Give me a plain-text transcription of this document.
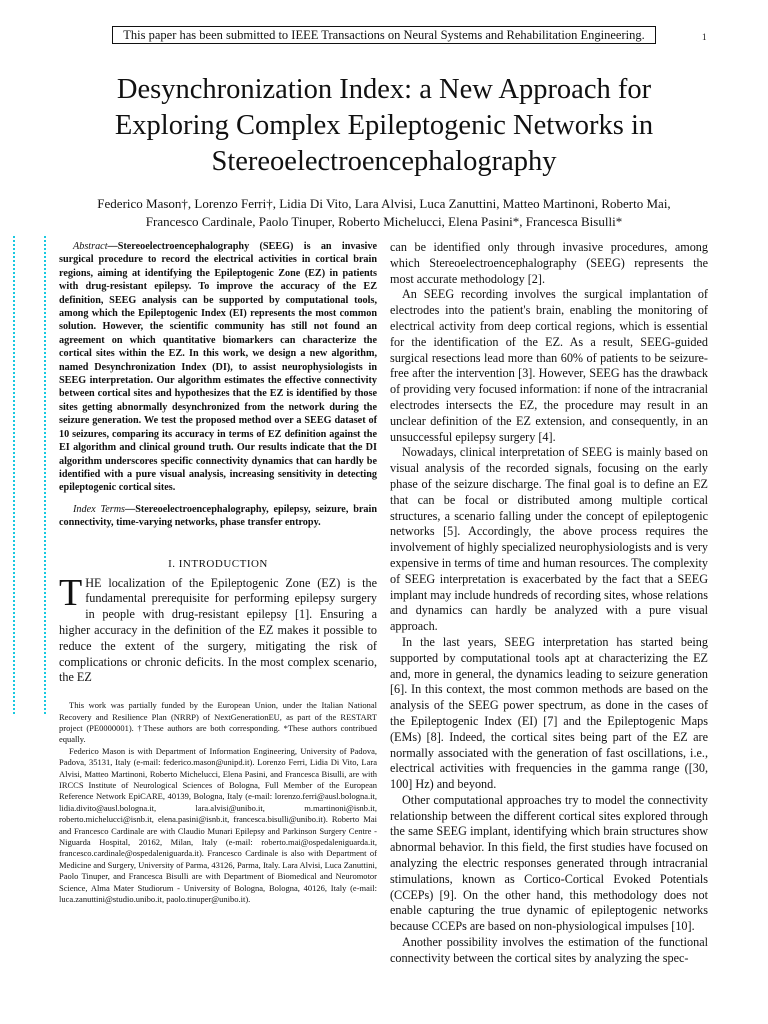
This paper has been submitted to IEEE Transactions on Neural Systems and Rehabilitation Engineering.	1
Desynchronization Index: a New Approach for
Exploring Complex Epileptogenic Networks in
Stereoelectroencephalography
Federico Mason†, Lorenzo Ferri†, Lidia Di Vito, Lara Alvisi, Luca Zanuttini, Matteo Martinoni, Roberto Mai,
Francesco Cardinale, Paolo Tinuper, Roberto Michelucci, Elena Pasini*, Francesca Bisulli*

Abstract—Stereoelectroencephalography (SEEG) is an invasive surgical procedure to record the electrical activities in cortical brain regions, aiming at identifying the Epileptogenic Zone (EZ) in patients with drug-resistant epilepsy. To improve the accuracy of the EZ definition, SEEG analysis can be supported by computational tools, among which the Epileptogenic Index (EI) represents the most common solution. However, the scientific community has still not found an agreement on which quantitative biomarkers can characterize the cortical sites within the EZ. In this work, we design a new algorithm, named Desynchronization Index (DI), to assist neurophysiologists in SEEG interpretation. Our algorithm estimates the effective connectivity between cortical sites and hypothesizes that the EZ is identified by those sites getting abnormally desynchronized from the network during the seizure generation. We test the proposed method over a SEEG dataset of 10 seizures, comparing its accuracy in terms of EZ definition against the EI algorithm and clinical ground truth. Our results indicate that the DI algorithm underscores specific connectivity dynamics that can hardly be identified with a pure visual analysis, increasing sensitivity in detecting epileptogenic cortical sites.

Index Terms—Stereoelectroencephalography, epilepsy, seizure, brain connectivity, time-varying networks, phase transfer entropy.

I. INTRODUCTION

THE localization of the Epileptogenic Zone (EZ) is the fundamental prerequisite for performing epilepsy surgery in people with drug-resistant epilepsy [1]. Ensuring a higher accuracy in the definition of the EZ makes it possible to reduce the extent of the surgery, mitigating the risk of complications or chronic deficits. In the most complex scenario, the EZ

This work was partially funded by the European Union, under the Italian National Recovery and Resilience Plan (NRRP) of NextGenerationEU, as part of the RESTART project (PE0000001). †These authors are both corresponding. *These authors contribued equally.

Federico Mason is with Department of Information Engineering, University of Padova, Padova, 35131, Italy (e-mail: federico.mason@unipd.it). Lorenzo Ferri, Lidia Di Vito, Lara Alvisi, Matteo Martinoni, Roberto Michelucci, Elena Pasini, and Francesca Bisulli, are with IRCCS Institute of Neurological Sciences of Bologna, Full Member of the European Reference Network EpiCARE, 40139, Bologna, Italy (e-mail: lorenzo.ferri@ausl.bologna.it, lidia.divito@ausl.bologna.it, lara.alvisi@unibo.it, m.martinoni@isnb.it, roberto.michelucci@isnb.it, elena.pasini@isnb.it, francesca.bisulli@unibo.it). Roberto Mai and Francesco Cardinale are with Claudio Munari Epilepsy and Parkinson Surgery Centre - Niguarda Hospital, 20162, Milan, Italy (e-mail: roberto.mai@ospedaleniguarda.it, francesco.cardinale@ospedaleniguarda.it). Francesco Cardinale is also with Department of Medicine and Surgery, University of Parma, 43126, Parma, Italy. Lara Alvisi, Luca Zanuttini, Paolo Tinuper, and Francesca Bisulli are with Department of Biomedical and Neuromotor Science, Alma Mater Studiorum - University of Bologna, Bologna, 40126, Italy (e-mail: luca.zanuttini@studio.unibo.it, paolo.tinuper@unibo.it).

can be identified only through invasive procedures, among which Stereoelectroencephalography (SEEG) represents the most accurate methodology [2].

An SEEG recording involves the surgical implantation of electrodes into the patient's brain, enabling the monitoring of electrical activity from deep cortical regions, which is essential for the identification of the EZ. As a result, SEEG-guided surgical resections lead more than 60% of patients to be seizure-free after the intervention [3]. However, SEEG has the drawback of providing very focused information: if none of the intracranial electrodes intersects the EZ, the procedure may result in an unclear definition of the EZ extension, and consequently, in an unsuccessful epilepsy surgery [4].

Nowadays, clinical interpretation of SEEG is mainly based on visual analysis of the recorded signals, focusing on the early phase of the seizure discharge. The final goal is to define an EZ that can be focal or distributed among multiple cortical structures, a scenario falling under the concept of epileptogenic networks [5]. Accordingly, the above process requires the involvement of highly specialized neurophysiologists and is very expensive in terms of time and human resources. The complexity of SEEG interpretation is exacerbated by the fact that a SEEG implant may include hundreds of recording sites, whose relations and dynamics can hardly be analyzed with a pure visual approach.

In the last years, SEEG interpretation has started being supported by computational tools apt at characterizing the EZ and, more in general, the dynamics leading to seizure generation [6]. In this context, the most common methods are based on the analysis of the SEEG power spectrum, as done in the cases of the Epileptogenic Index (EI) [7] and the Epileptogenic Maps (EMs) [8]. Indeed, the cortical sites being part of the EZ are normally associated with the generation of fast oscillations, i.e., electrical activities with frequencies in the gamma range ([30, 100] Hz) and beyond.

Other computational approaches try to model the connectivity relationship between the different cortical sites explored through the same SEEG implant, identifying which brain structures show abnormal behavior. In this field, the first studies have focused on analyzing the electric responses generated through intracranial stimulations, known as Cortico-Cortical Evoked Potentials (CCEPs) [9]. On the other hand, this methodology does not enable capturing the true dynamic of epileptogenic networks because CCEPs are based on non-physiological impulses [10].

Another possibility involves the estimation of the functional connectivity between the cortical sites by analyzing the spec-
